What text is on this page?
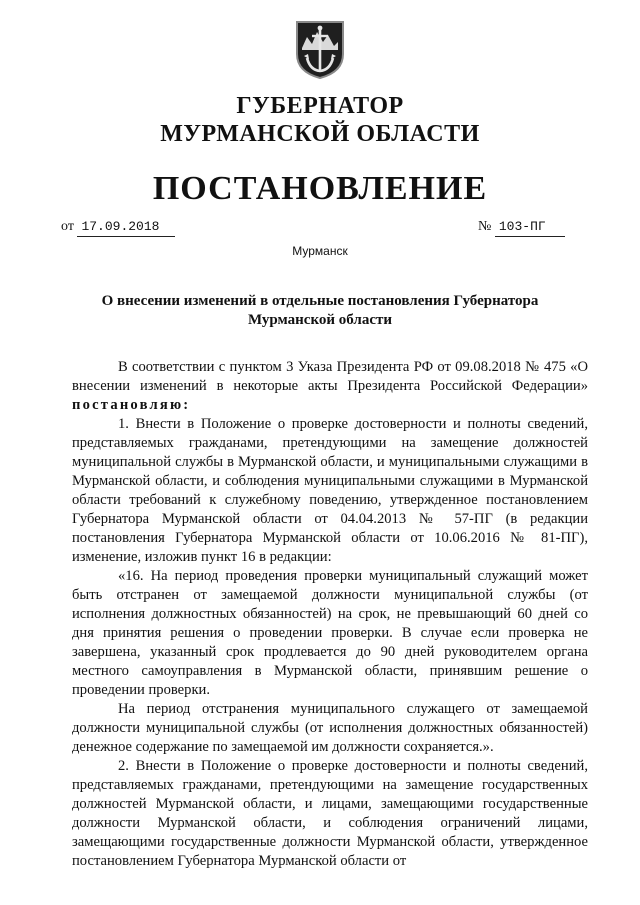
ГУБЕРНАТОР
МУРМАНСКОЙ ОБЛАСТИ
ПОСТАНОВЛЕНИЕ
от 17.09.2018	№ 103-ПГ
Мурманск
О внесении изменений в отдельные постановления Губернатора Мурманской области

В соответствии с пунктом 3 Указа Президента РФ от 09.08.2018 № 475 «О внесении изменений в некоторые акты Президента Российской Федерации» постановляю:

1. Внести в Положение о проверке достоверности и полноты сведений, представляемых гражданами, претендующими на замещение должностей муниципальной службы в Мурманской области, и муниципальными служащими в Мурманской области, и соблюдения муниципальными служащими в Мурманской области требований к служебному поведению, утвержденное постановлением Губернатора Мурманской области от 04.04.2013 № 57-ПГ (в редакции постановления Губернатора Мурманской области от 10.06.2016 № 81-ПГ), изменение, изложив пункт 16 в редакции:

«16. На период проведения проверки муниципальный служащий может быть отстранен от замещаемой должности муниципальной службы (от исполнения должностных обязанностей) на срок, не превышающий 60 дней со дня принятия решения о проведении проверки. В случае если проверка не завершена, указанный срок продлевается до 90 дней руководителем органа местного самоуправления в Мурманской области, принявшим решение о проведении проверки.

На период отстранения муниципального служащего от замещаемой должности муниципальной службы (от исполнения должностных обязанностей) денежное содержание по замещаемой им должности сохраняется.».

2. Внести в Положение о проверке достоверности и полноты сведений, представляемых гражданами, претендующими на замещение государственных должностей Мурманской области, и лицами, замещающими государственные должности Мурманской области, и соблюдения ограничений лицами, замещающими государственные должности Мурманской области, утвержденное постановлением Губернатора Мурманской области от
